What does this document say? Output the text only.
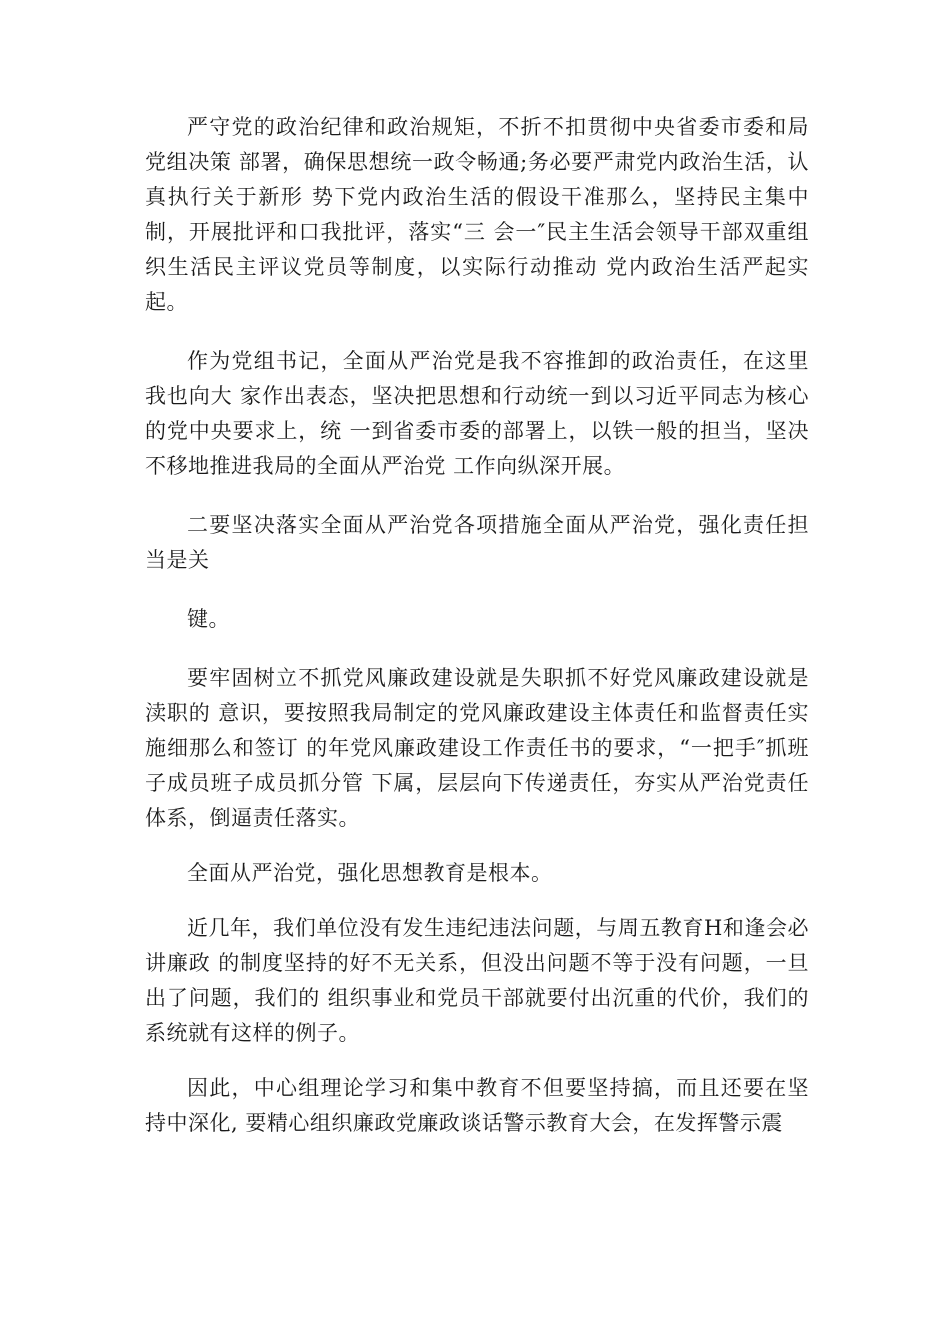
严守党的政治纪律和政治规矩，不折不扣贯彻中央省委市委和局党组决策 部署，确保思想统一政令畅通;务必要严肃党内政治生活，认真执行关于新形 势下党内政治生活的假设干准那么，坚持民主集中制，开展批评和口我批评，落实“三 会一″民主生活会领导干部双重组织生活民主评议党员等制度，以实际行动推动 党内政治生活严起实起。

作为党组书记，全面从严治党是我不容推卸的政治责任，在这里我也向大 家作出表态，坚决把思想和行动统一到以习近平同志为核心的党中央要求上，统 一到省委市委的部署上，以铁一般的担当，坚决不移地推进我局的全面从严治党 工作向纵深开展。

二要坚决落实全面从严治党各项措施全面从严治党，强化责任担当是关

键。

要牢固树立不抓党风廉政建设就是失职抓不好党风廉政建设就是渎职的 意识，要按照我局制定的党风廉政建设主体责任和监督责任实施细那么和签订 的年党风廉政建设工作责任书的要求，“一把手″抓班子成员班子成员抓分管 下属，层层向下传递责任，夯实从严治党责任体系，倒逼责任落实。

全面从严治党，强化思想教育是根本。

近几年，我们单位没有发生违纪违法问题，与周五教育H和逢会必讲廉政 的制度坚持的好不无关系，但没出问题不等于没有问题，一旦出了问题，我们的 组织事业和党员干部就要付出沉重的代价，我们的系统就有这样的例子。

因此，中心组理论学习和集中教育不但要坚持搞，而且还要在坚持中深化, 要精心组织廉政党廉政谈话警示教育大会，在发挥警示震
